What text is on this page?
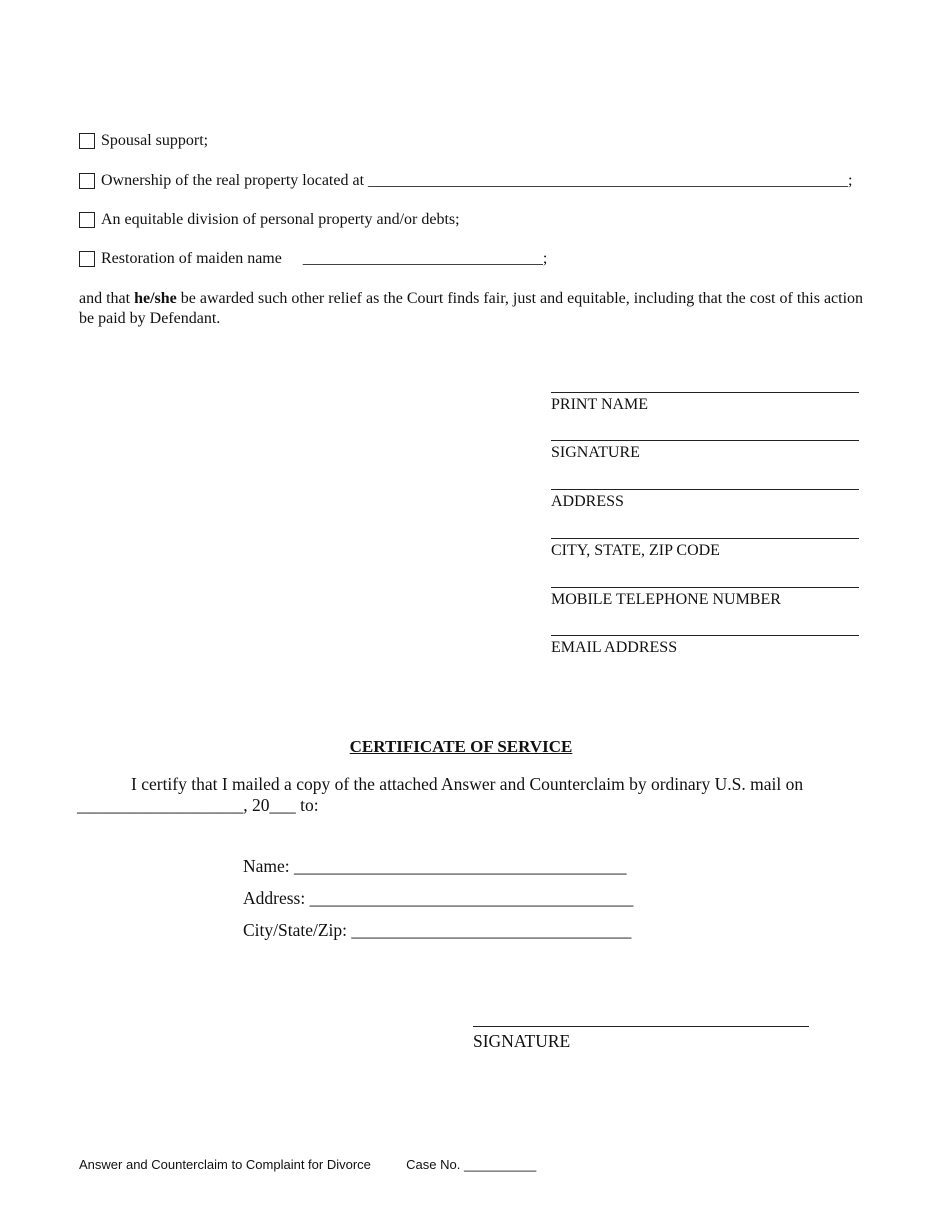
Spousal support;
Ownership of the real property located at ____________________________________________________________;
An equitable division of personal property and/or debts;
Restoration of maiden name ______________________________;
and that he/she be awarded such other relief as the Court finds fair, just and equitable, including that the cost of this action be paid by Defendant.
PRINT NAME
SIGNATURE
ADDRESS
CITY, STATE, ZIP CODE
MOBILE TELEPHONE NUMBER
EMAIL ADDRESS
CERTIFICATE OF SERVICE
I certify that I mailed a copy of the attached Answer and Counterclaim by ordinary U.S. mail on
___________________, 20___ to:
Name: ______________________________________
Address: _____________________________________
City/State/Zip: ________________________________
SIGNATURE
Answer and Counterclaim to Complaint for Divorce	Case No. __________
